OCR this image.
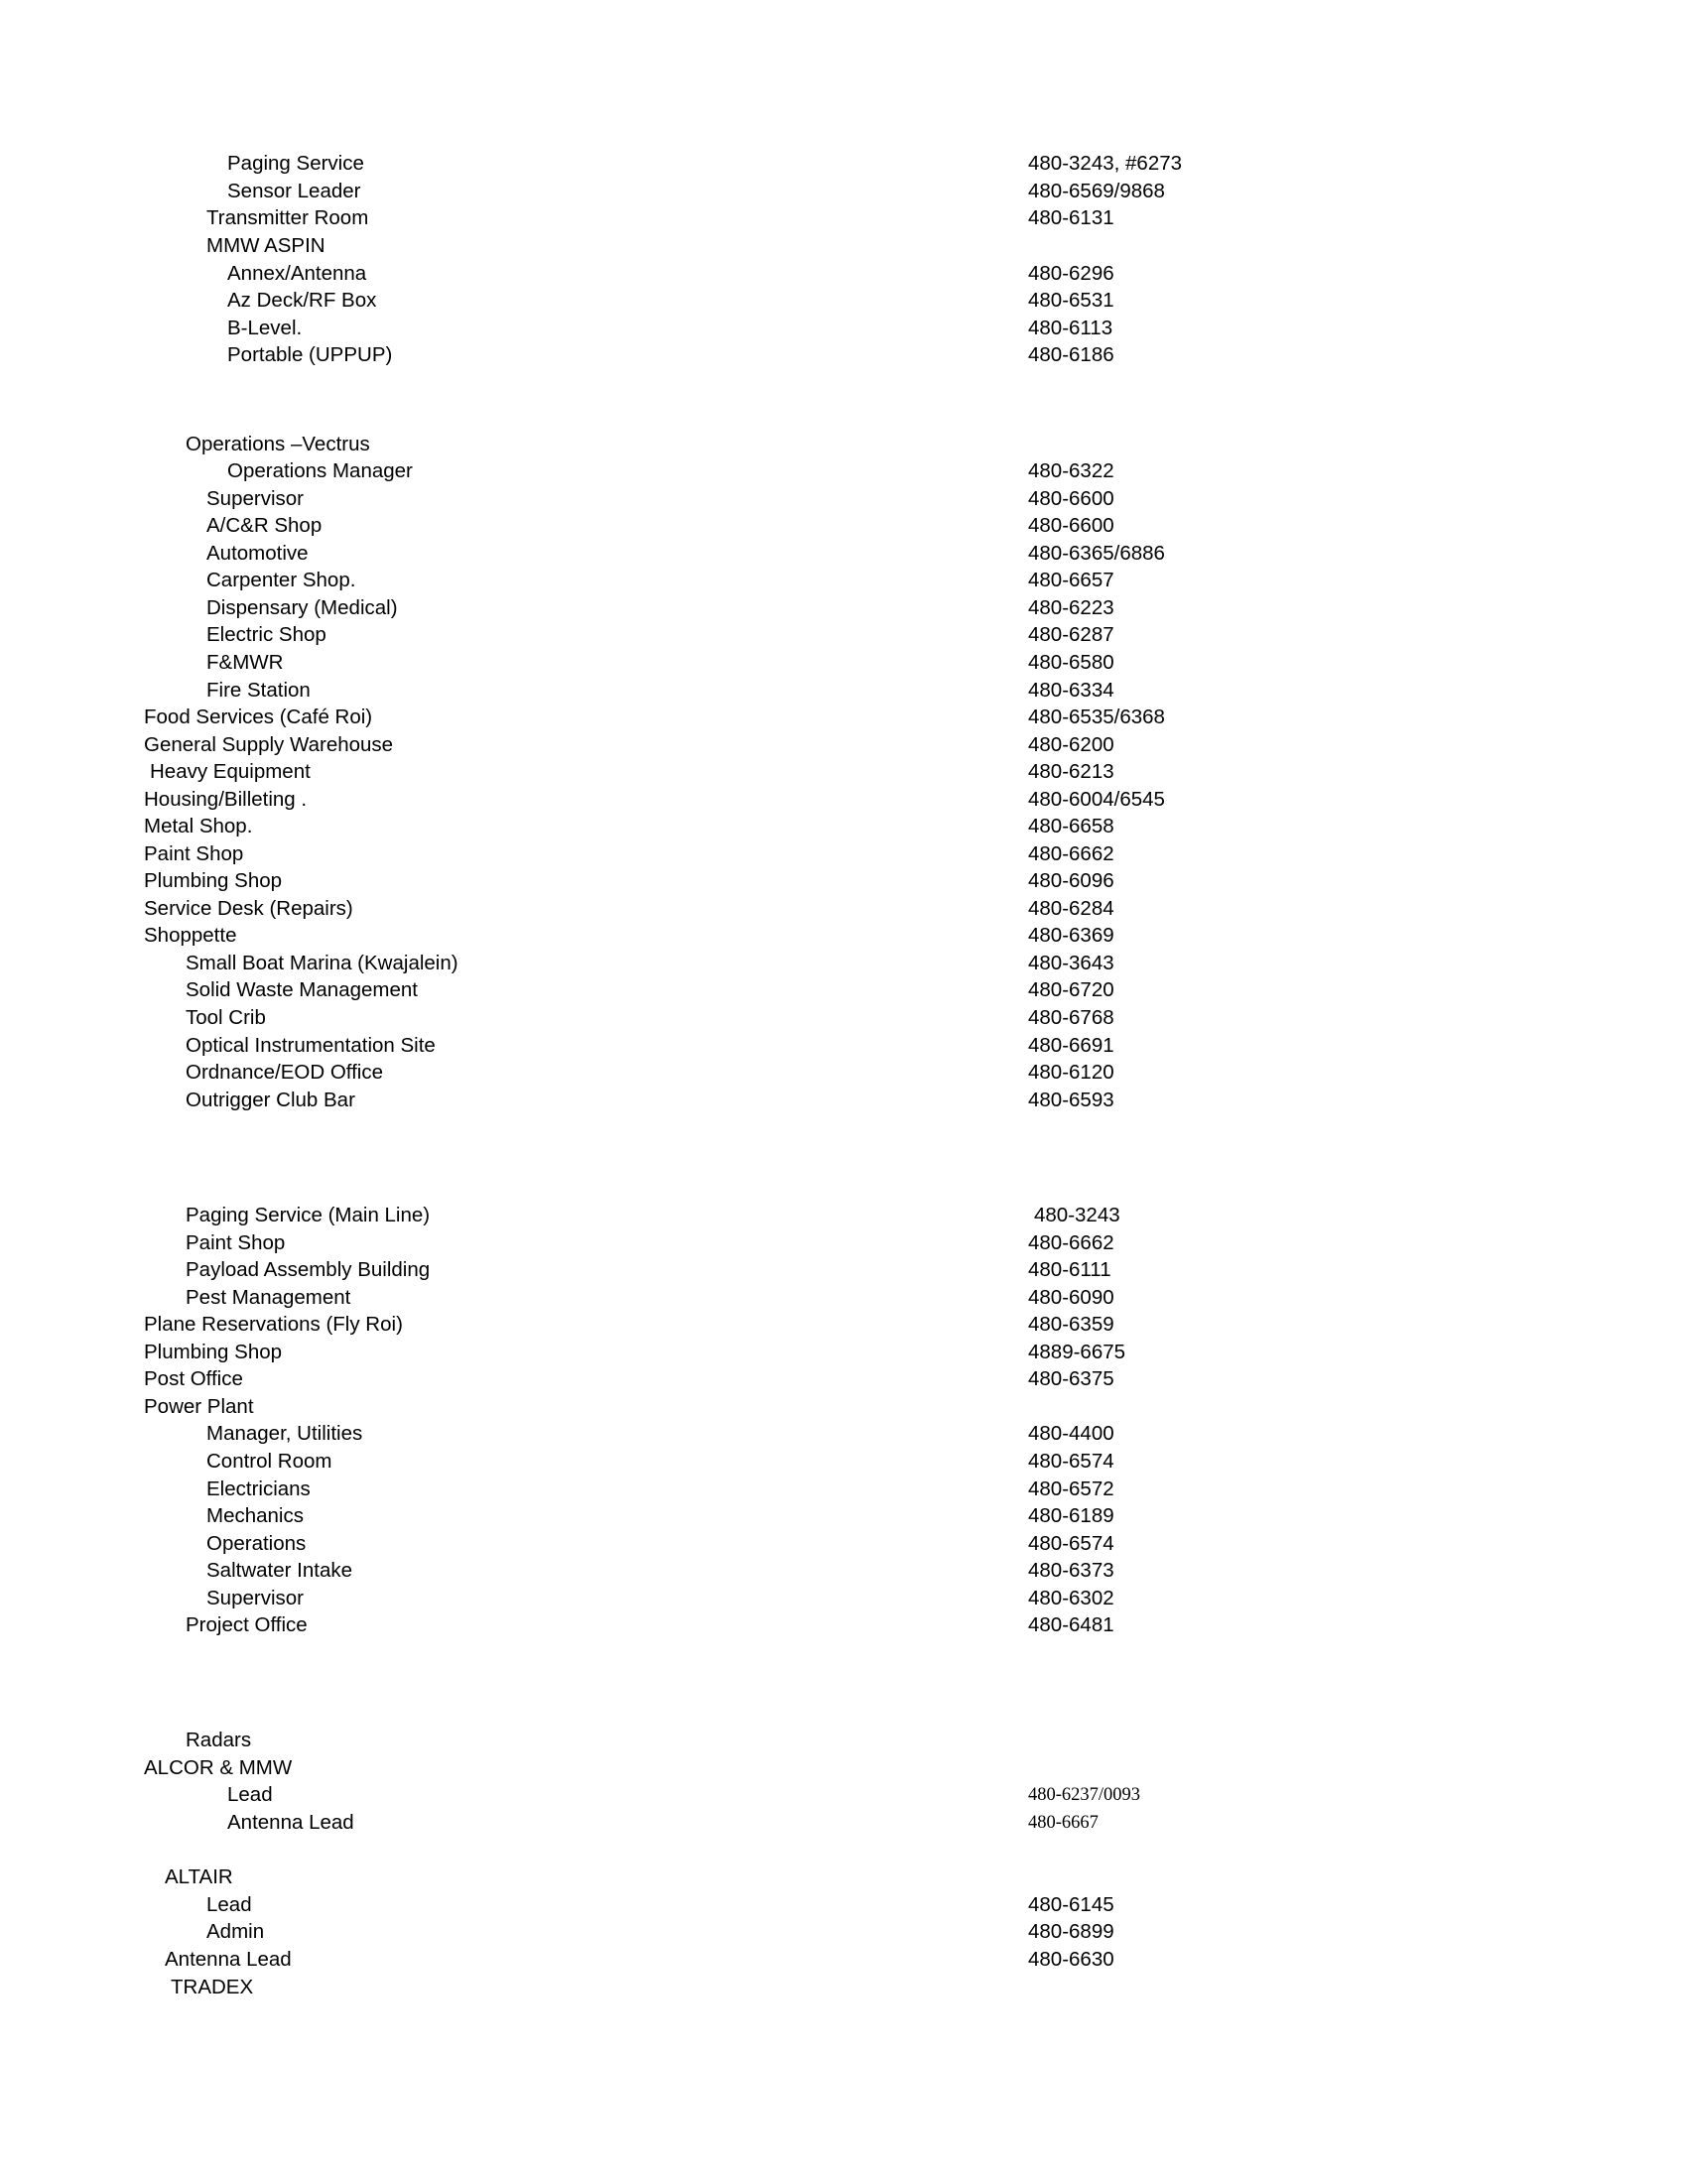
Paging Service	480-3243, #6273
Sensor Leader	480-6569/9868
Transmitter Room	480-6131
MMW ASPIN
Annex/Antenna	480-6296
Az Deck/RF Box	480-6531
B-Level.	480-6113
Portable (UPPUP)	480-6186
Operations –Vectrus
Operations Manager	480-6322
Supervisor	480-6600
A/C&R Shop	480-6600
Automotive	480-6365/6886
Carpenter Shop.	480-6657
Dispensary (Medical)	480-6223
Electric Shop	480-6287
F&MWR	480-6580
Fire Station	480-6334
Food Services (Café Roi)	480-6535/6368
General Supply Warehouse	480-6200
Heavy Equipment	480-6213
Housing/Billeting .	480-6004/6545
Metal Shop.	480-6658
Paint Shop	480-6662
Plumbing Shop	480-6096
Service Desk (Repairs)	480-6284
Shoppette	480-6369
Small Boat Marina (Kwajalein)	480-3643
Solid Waste Management	480-6720
Tool Crib	480-6768
Optical Instrumentation Site	480-6691
Ordnance/EOD Office	480-6120
Outrigger Club Bar	480-6593
Paging Service (Main Line)	480-3243
Paint Shop	480-6662
Payload Assembly Building	480-6111
Pest Management	480-6090
Plane Reservations (Fly Roi)	480-6359
Plumbing Shop	4889-6675
Post Office	480-6375
Power Plant
Manager, Utilities	480-4400
Control Room	480-6574
Electricians	480-6572
Mechanics	480-6189
Operations	480-6574
Saltwater Intake	480-6373
Supervisor	480-6302
Project Office	480-6481
Radars
ALCOR & MMW
Lead	480-6237/0093
Antenna Lead	480-6667
ALTAIR
Lead	480-6145
Admin	480-6899
Antenna Lead	480-6630
TRADEX
